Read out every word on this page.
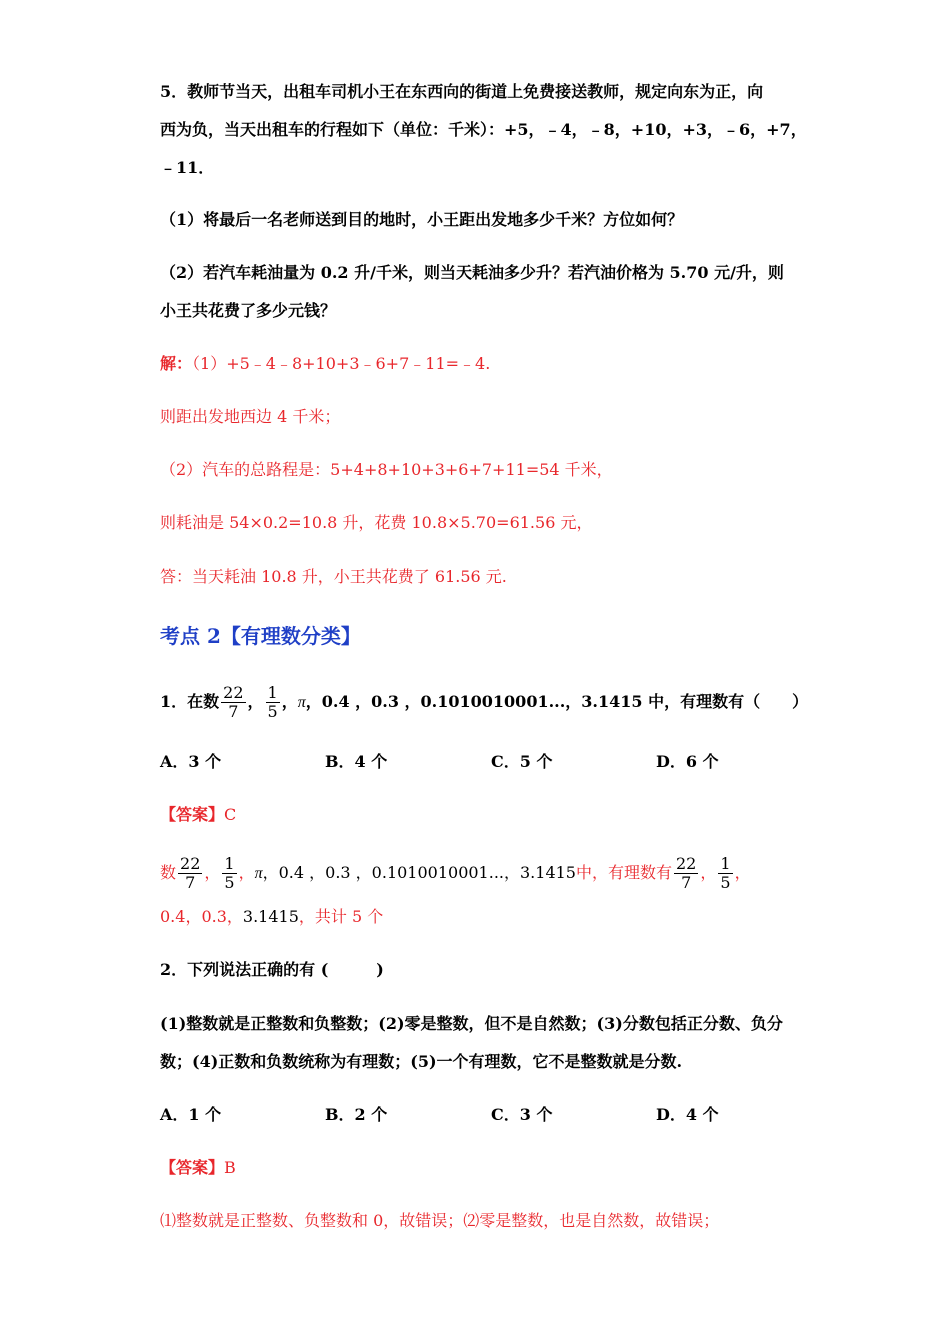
5．教师节当天，出租车司机小王在东西向的街道上免费接送教师，规定向东为正，向
西为负，当天出租车的行程如下（单位：千米）：+5，﹣4，﹣8，+10，+3，﹣6，+7，
﹣11．
（1）将最后一名老师送到目的地时，小王距出发地多少千米？方位如何？
（2）若汽车耗油量为 0.2 升/千米，则当天耗油多少升？若汽油价格为 5.70 元/升，则
小王共花费了多少元钱？
解：（1）+5﹣4﹣8+10+3﹣6+7﹣11=﹣4.
则距出发地西边 4 千米；
（2）汽车的总路程是：5+4+8+10+3+6+7+11=54 千米，
则耗油是 54×0.2=10.8 升，花费 10.8×5.70=61.56 元，
答：当天耗油 10.8 升，小王共花费了 61.56 元.
考点 2【有理数分类】
1．在数 $\frac{22}{7}$ ， $\frac{1}{5}$ ，π，0.4 ，0.3 ，0.1010010001...，3.1415 中，有理数有（　　）
A．3 个	B．4 个	C．5 个	D．6 个
【答案】C
数 $\frac{22}{7}$ ， $\frac{1}{5}$ ，π，0.4 ，0.3 ，0.1010010001...，3.1415中，有理数有 $\frac{22}{7}$ ， $\frac{1}{5}$ ，
0.4，0.3，3.1415，共计 5 个
2．下列说法正确的有 (　　　)
(1)整数就是正整数和负整数；(2)零是整数，但不是自然数；(3)分数包括正分数、负分
数；(4)正数和负数统称为有理数；(5)一个有理数，它不是整数就是分数.
A．1 个	B．2 个	C．3 个	D．4 个
【答案】B
⑴整数就是正整数、负整数和 0，故错误；⑵零是整数，也是自然数，故错误；
